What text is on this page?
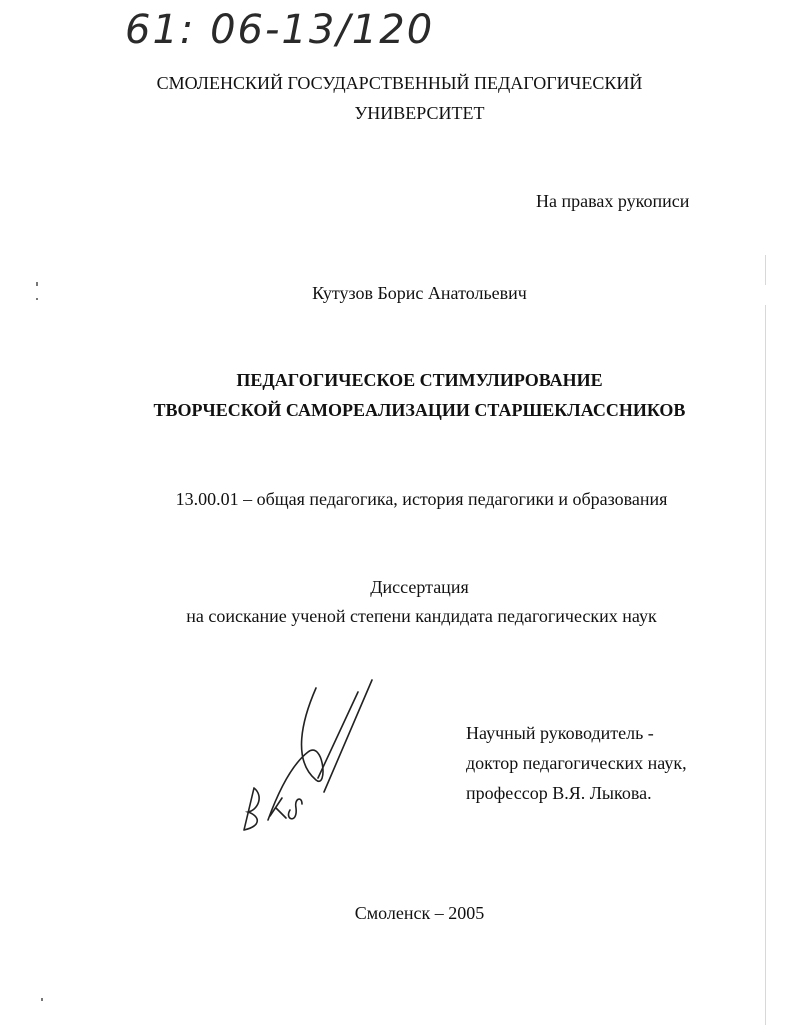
61: 06-13/120
СМОЛЕНСКИЙ ГОСУДАРСТВЕННЫЙ ПЕДАГОГИЧЕСКИЙ
УНИВЕРСИТЕТ
На правах рукописи
Кутузов Борис Анатольевич
ПЕДАГОГИЧЕСКОЕ СТИМУЛИРОВАНИЕ
ТВОРЧЕСКОЙ САМОРЕАЛИЗАЦИИ СТАРШЕКЛАССНИКОВ
13.00.01 – общая педагогика, история педагогики и образования
Диссертация
на соискание ученой степени кандидата педагогических наук
Научный руководитель -
доктор педагогических наук,
профессор В.Я. Лыкова.
Смоленск – 2005
